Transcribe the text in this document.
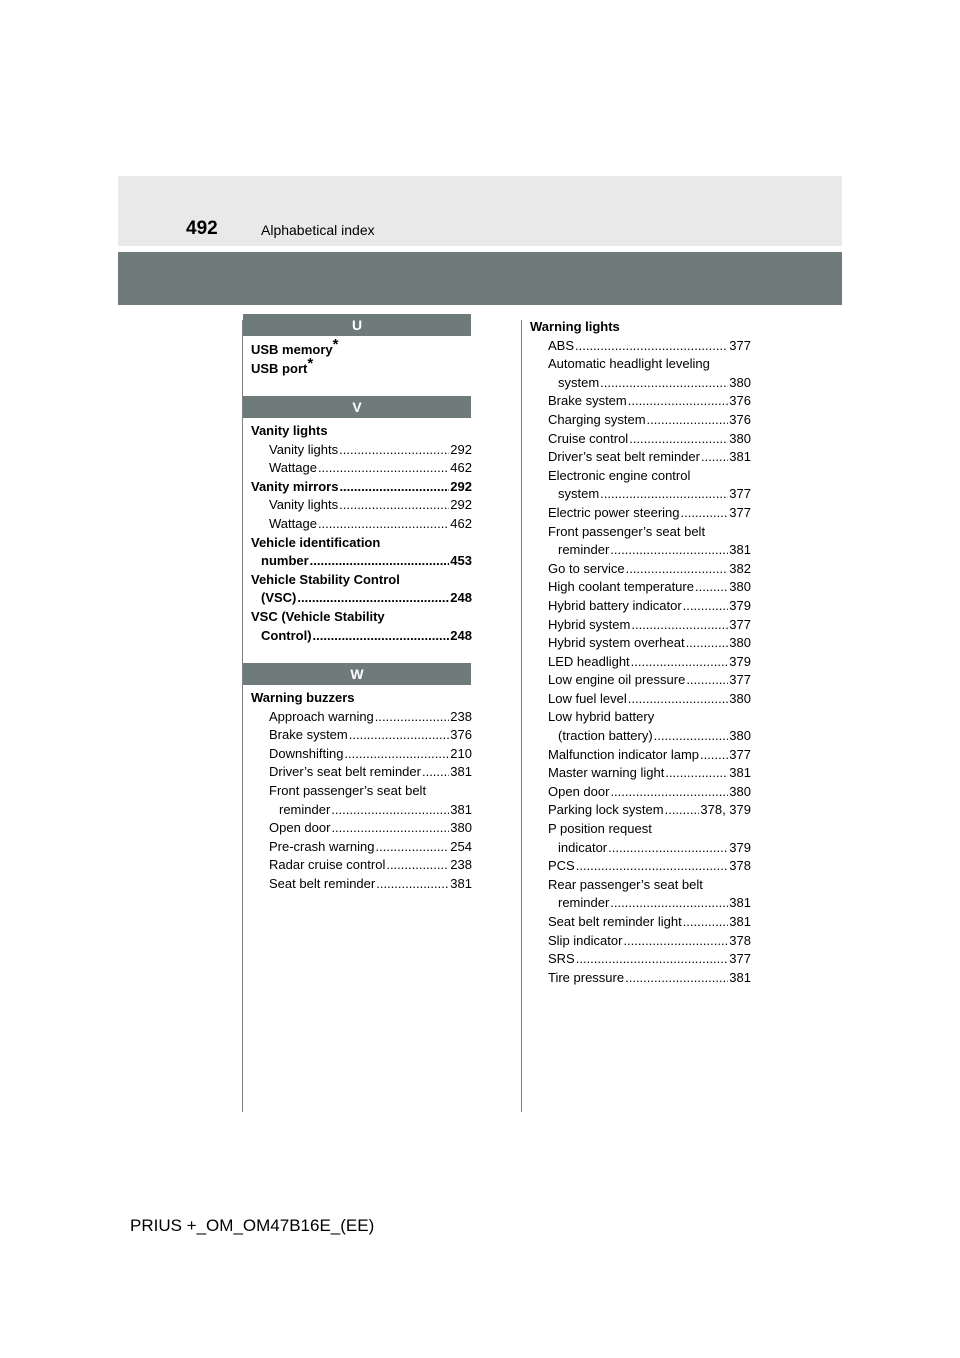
492	Alphabetical index
U
USB memory*
USB port*
V
Vanity lights
Vanity lights .....	292
Wattage .....	462
Vanity mirrors .....	292
Vanity lights .....	292
Wattage .....	462
Vehicle identification
number .....	453
Vehicle Stability Control
(VSC) .....	248
VSC (Vehicle Stability
Control) .....	248
W
Warning buzzers
Approach warning .....	238
Brake system .....	376
Downshifting .....	210
Driver’s seat belt reminder ..... 381
Front passenger’s seat belt
reminder .....	381
Open door .....	380
Pre-crash warning .....	254
Radar cruise control .....	238
Seat belt reminder .....	381
Warning lights
ABS .....	377
Automatic headlight leveling
system .....	380
Brake system .....	376
Charging system .....	376
Cruise control .....	380
Driver’s seat belt reminder ..... 381
Electronic engine control
system .....	377
Electric power steering .....	377
Front passenger’s seat belt
reminder .....	381
Go to service .....	382
High coolant temperature .....	380
Hybrid battery indicator .....	379
Hybrid system .....	377
Hybrid system overheat .....	380
LED headlight .....	379
Low engine oil pressure .....	377
Low fuel level .....	380
Low hybrid battery
(traction battery) .....	380
Malfunction indicator lamp ..... 377
Master warning light .....	381
Open door .....	380
Parking lock system .....	378, 379
P position request
indicator .....	379
PCS .....	378
Rear passenger’s seat belt
reminder .....	381
Seat belt reminder light .....	381
Slip indicator .....	378
SRS .....	377
Tire pressure .....	381
PRIUS +_OM_OM47B16E_(EE)
